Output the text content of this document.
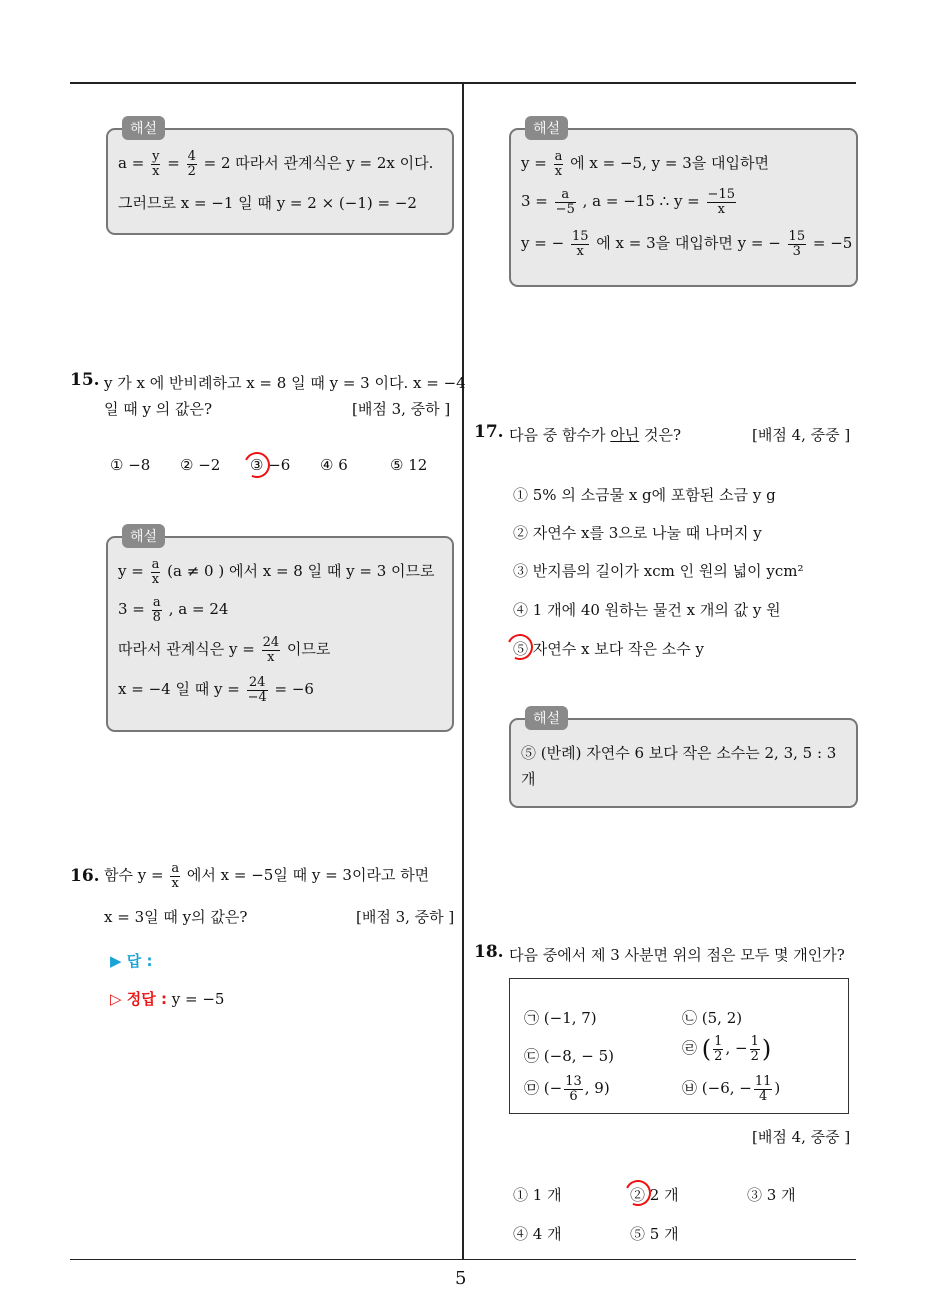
5
해설
$a = \frac{y}{x} = \frac{4}{2} = 2$ 따라서 관계식은 y = 2x 이다.
그러므로 x = −1 일 때 y = 2 × (−1) = −2
15. y 가 x 에 반비례하고 x = 8 일 때 y = 3 이다. x = −4
일 때 y 의 값은?	[배점 3, 중하 ]
① −8 ② −2 ③ −6 ④ 6	⑤ 12
해설
$y = \frac{a}{x} (a \ne 0$ ) 에서 x = 8 일 때 y = 3 이므로
$3 = \frac{a}{8}$ , a = 24
따라서 관계식은 $y = \frac{24}{x}$ 이므로
x = −4 일 때 $y = \frac{24}{-4} = -6$
16. 함수 $y = \frac{a}{x}$ 에서 x = −5일 때 y = 3이라고 하면
x = 3일 때 y의 값은?	[배점 3, 중하 ]
▶ 답 :
▷ 정답 : y = −5
해설
$y = \frac{a}{x}$ 에 x = −5, y = 3을 대입하면
$3 = \frac{a}{-5}$ , a = −15 ∴ $y = \frac{-15}{x}$
y = − $\frac{15}{x}$ 에 x = 3을 대입하면 y = − $\frac{15}{3} = -5$
17. 다음 중 함수가 아닌 것은?	[배점 4, 중중 ]
① 5% 의 소금물 x g에 포함된 소금 y g
② 자연수 x를 3으로 나눌 때 나머지 y
③ 반지름의 길이가 xcm 인 원의 넓이 ycm²
④ 1 개에 40 원하는 물건 x 개의 값 y 원
⑤ 자연수 x 보다 작은 소수 y
해설
⑤ (반례) 자연수 6 보다 작은 소수는 2, 3, 5 : 3
개
18. 다음 중에서 제 3 사분면 위의 점은 모두 몇 개인가?
㉠ (−1, 7)	㉡ (5, 2)
㉢ (−8, − 5)	㉣ ( $\frac{1}{2}$ , − $\frac{1}{2}$ )
㉤ (− $\frac{13}{6}$ , 9)	㉥ (−6, − $\frac{11}{4}$ )
[배점 4, 중중 ]
① 1 개	② 2 개	③ 3 개
④ 4 개	⑤ 5 개
